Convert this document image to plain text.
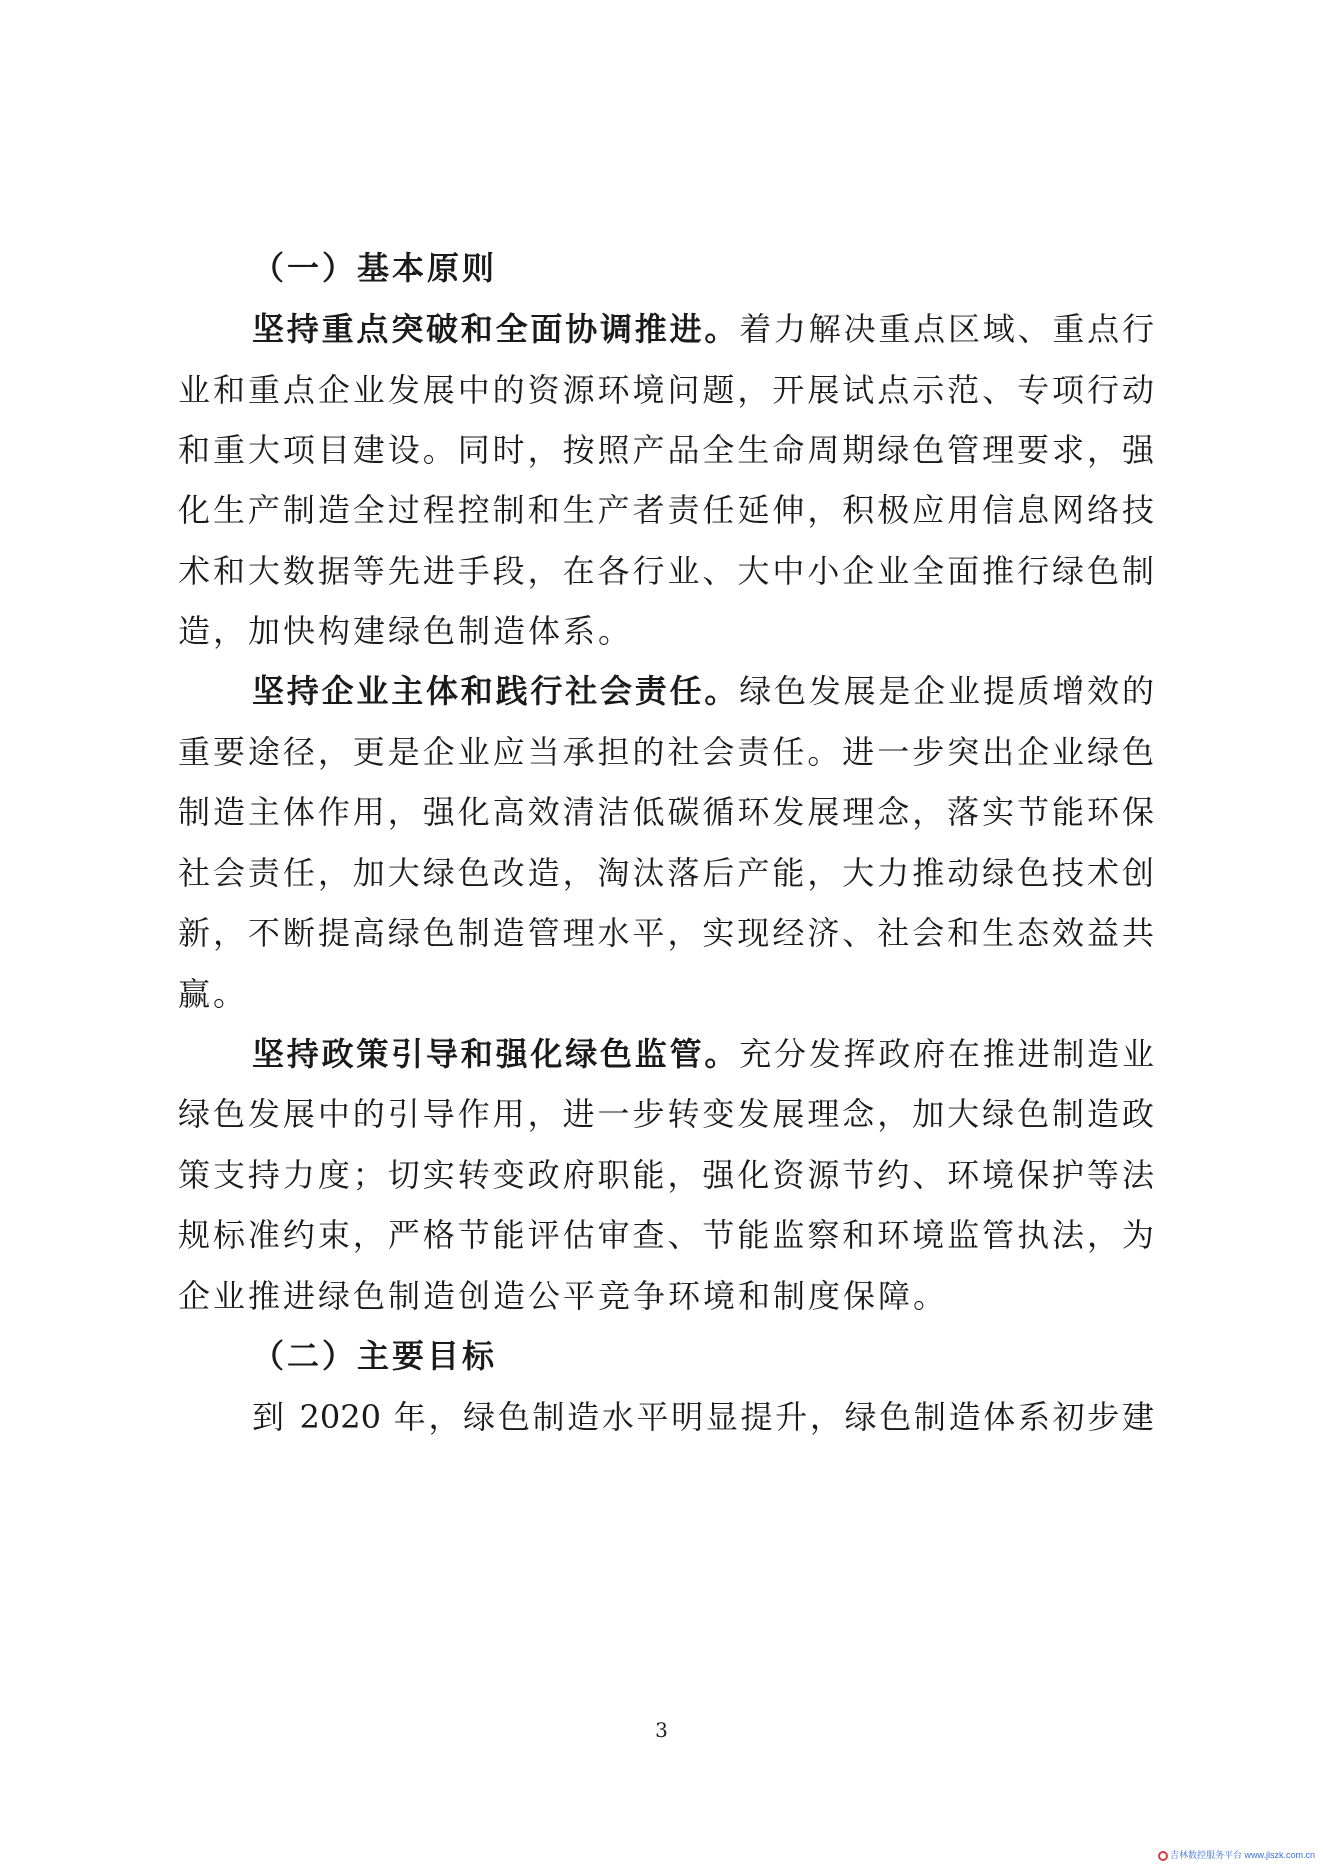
（一）基本原则
坚持重点突破和全面协调推进。着力解决重点区域、重点行
业和重点企业发展中的资源环境问题，开展试点示范、专项行动
和重大项目建设。同时，按照产品全生命周期绿色管理要求，强
化生产制造全过程控制和生产者责任延伸，积极应用信息网络技
术和大数据等先进手段，在各行业、大中小企业全面推行绿色制
造，加快构建绿色制造体系。
坚持企业主体和践行社会责任。绿色发展是企业提质增效的
重要途径，更是企业应当承担的社会责任。进一步突出企业绿色
制造主体作用，强化高效清洁低碳循环发展理念，落实节能环保
社会责任，加大绿色改造，淘汰落后产能，大力推动绿色技术创
新，不断提高绿色制造管理水平，实现经济、社会和生态效益共
赢。
坚持政策引导和强化绿色监管。充分发挥政府在推进制造业
绿色发展中的引导作用，进一步转变发展理念，加大绿色制造政
策支持力度；切实转变政府职能，强化资源节约、环境保护等法
规标准约束，严格节能评估审查、节能监察和环境监管执法，为
企业推进绿色制造创造公平竞争环境和制度保障。
（二）主要目标
到 2020 年，绿色制造水平明显提升，绿色制造体系初步建
3
吉林数控服务平台 www.jlszk.com.cn
